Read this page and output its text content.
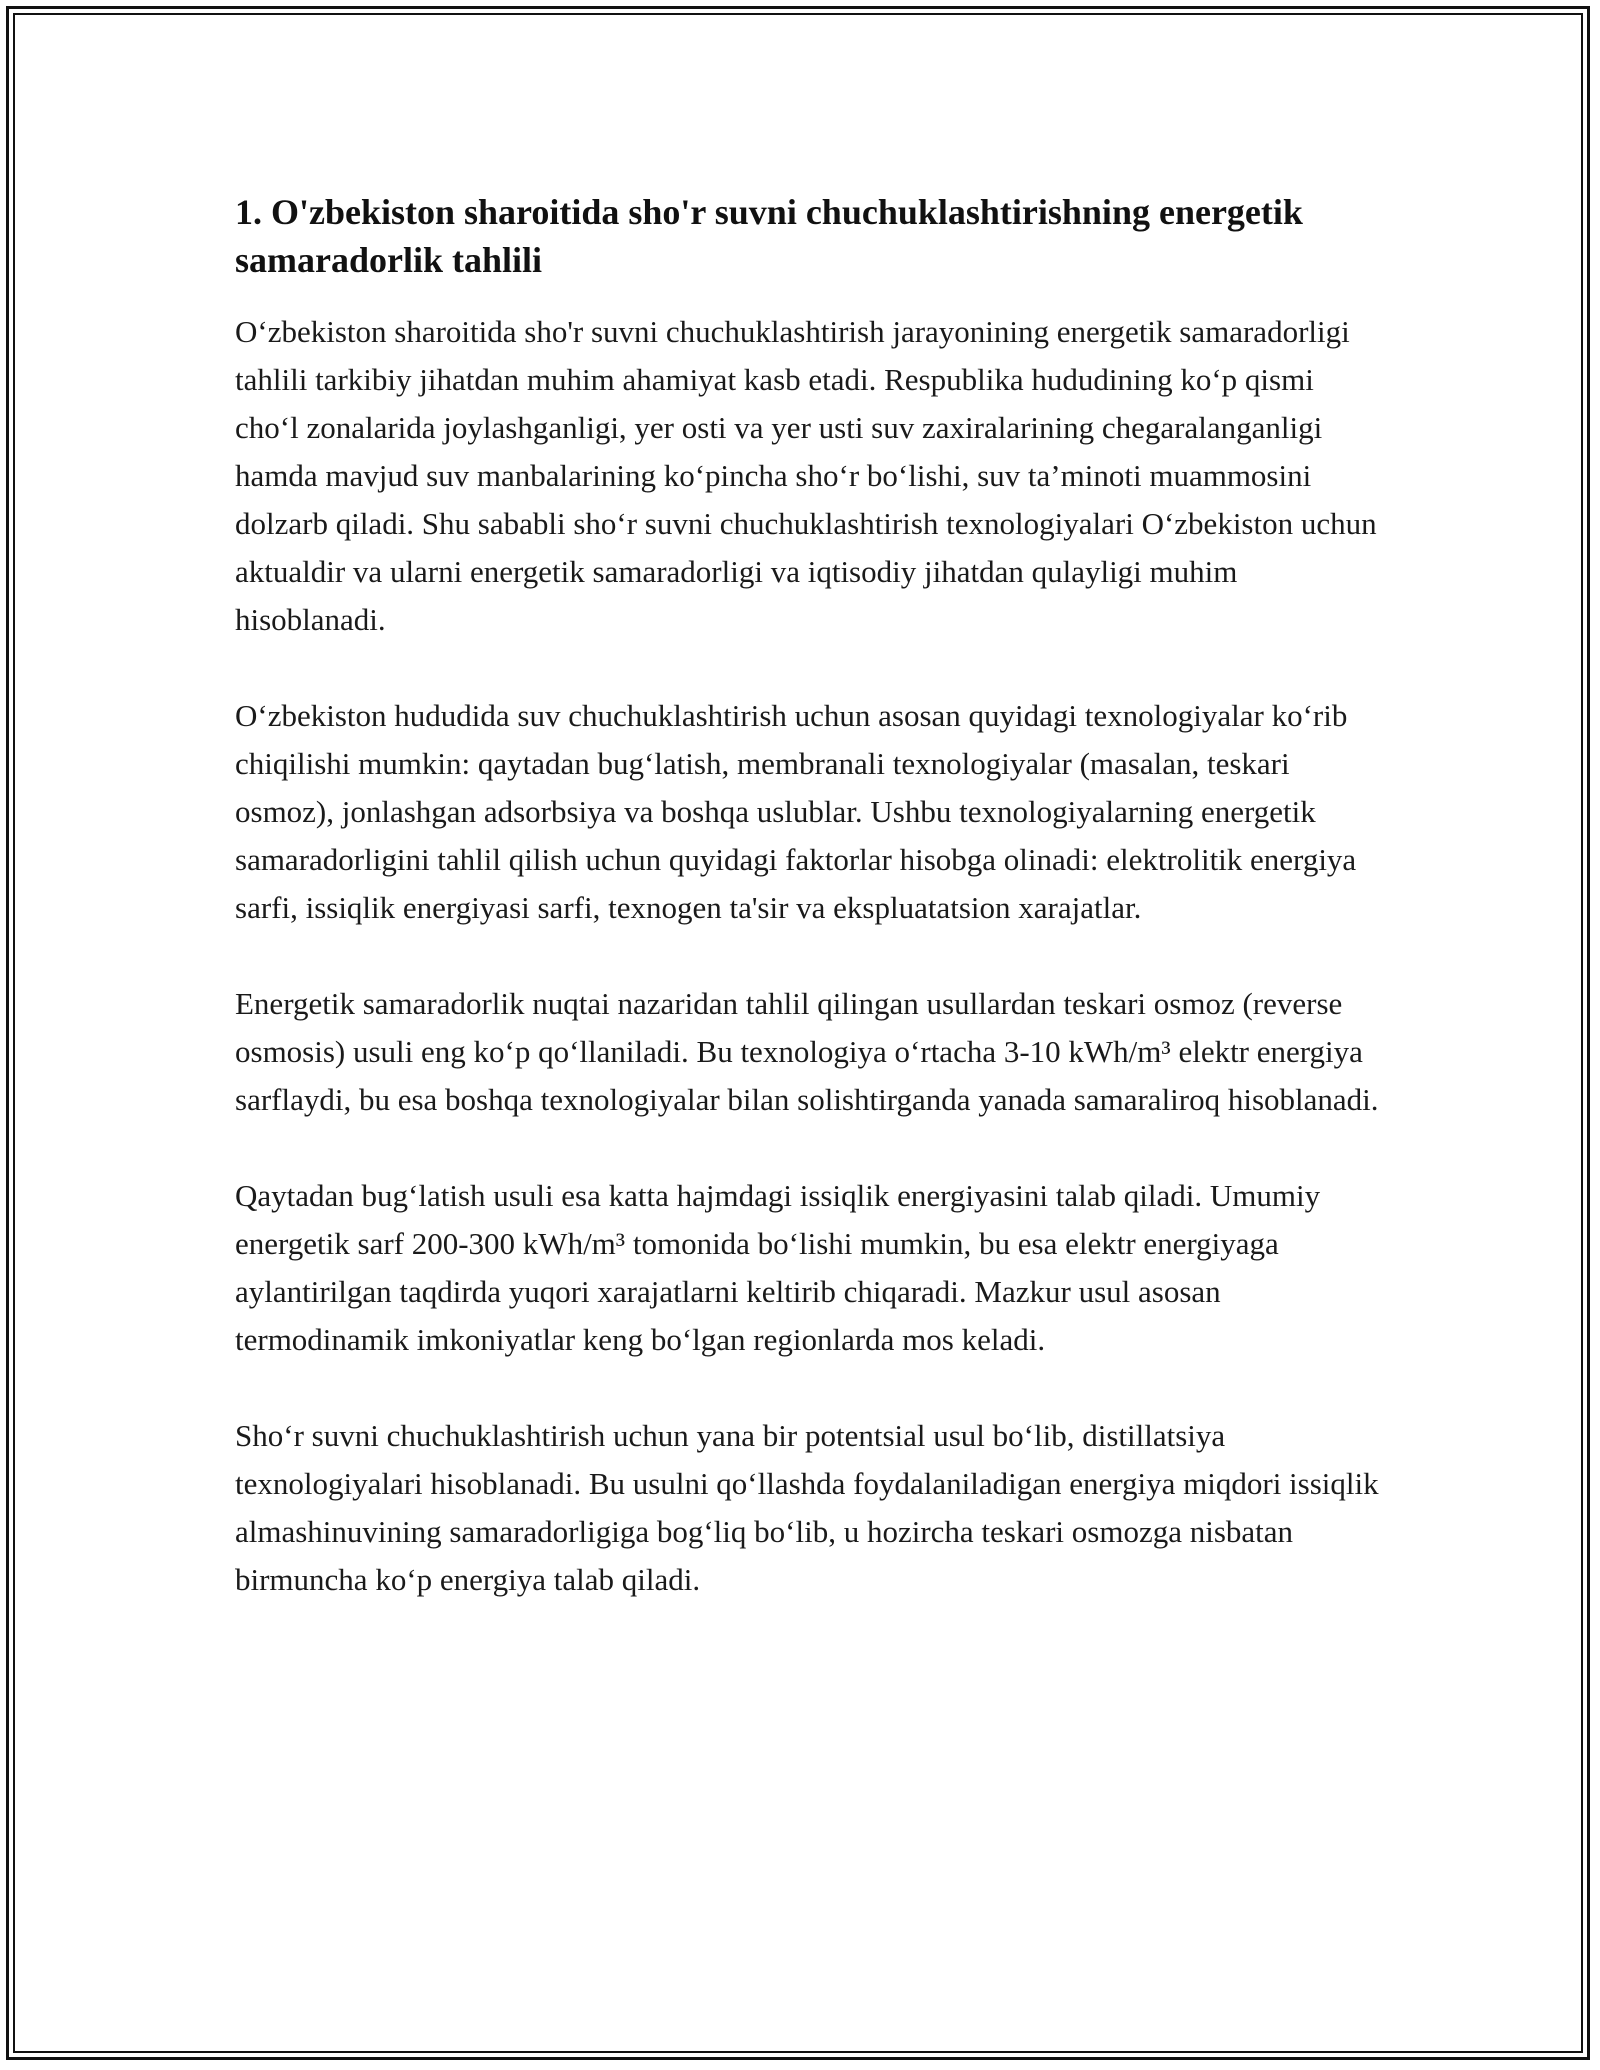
1. O'zbekiston sharoitida sho'r suvni chuchuklashtirishning energetik samaradorlik tahlili

O‘zbekiston sharoitida sho'r suvni chuchuklashtirish jarayonining energetik samaradorligi tahlili tarkibiy jihatdan muhim ahamiyat kasb etadi. Respublika hududining ko‘p qismi cho‘l zonalarida joylashganligi, yer osti va yer usti suv zaxiralarining chegaralanganligi hamda mavjud suv manbalarining ko‘pincha sho‘r bo‘lishi, suv ta’minoti muammosini dolzarb qiladi. Shu sababli sho‘r suvni chuchuklashtirish texnologiyalari O‘zbekiston uchun aktualdir va ularni energetik samaradorligi va iqtisodiy jihatdan qulayligi muhim hisoblanadi.

O‘zbekiston hududida suv chuchuklashtirish uchun asosan quyidagi texnologiyalar ko‘rib chiqilishi mumkin: qaytadan bug‘latish, membranali texnologiyalar (masalan, teskari osmoz), jonlashgan adsorbsiya va boshqa uslublar. Ushbu texnologiyalarning energetik samaradorligini tahlil qilish uchun quyidagi faktorlar hisobga olinadi: elektrolitik energiya sarfi, issiqlik energiyasi sarfi, texnogen ta'sir va ekspluatatsion xarajatlar.

Energetik samaradorlik nuqtai nazaridan tahlil qilingan usullardan teskari osmoz (reverse osmosis) usuli eng ko‘p qo‘llaniladi. Bu texnologiya o‘rtacha 3-10 kWh/m³ elektr energiya sarflaydi, bu esa boshqa texnologiyalar bilan solishtirganda yanada samaraliroq hisoblanadi.

Qaytadan bug‘latish usuli esa katta hajmdagi issiqlik energiyasini talab qiladi. Umumiy energetik sarf 200-300 kWh/m³ tomonida bo‘lishi mumkin, bu esa elektr energiyaga aylantirilgan taqdirda yuqori xarajatlarni keltirib chiqaradi. Mazkur usul asosan termodinamik imkoniyatlar keng bo‘lgan regionlarda mos keladi.

Sho‘r suvni chuchuklashtirish uchun yana bir potentsial usul bo‘lib, distillatsiya texnologiyalari hisoblanadi. Bu usulni qo‘llashda foydalaniladigan energiya miqdori issiqlik almashinuvining samaradorligiga bog‘liq bo‘lib, u hozircha teskari osmozga nisbatan birmuncha ko‘p energiya talab qiladi.
